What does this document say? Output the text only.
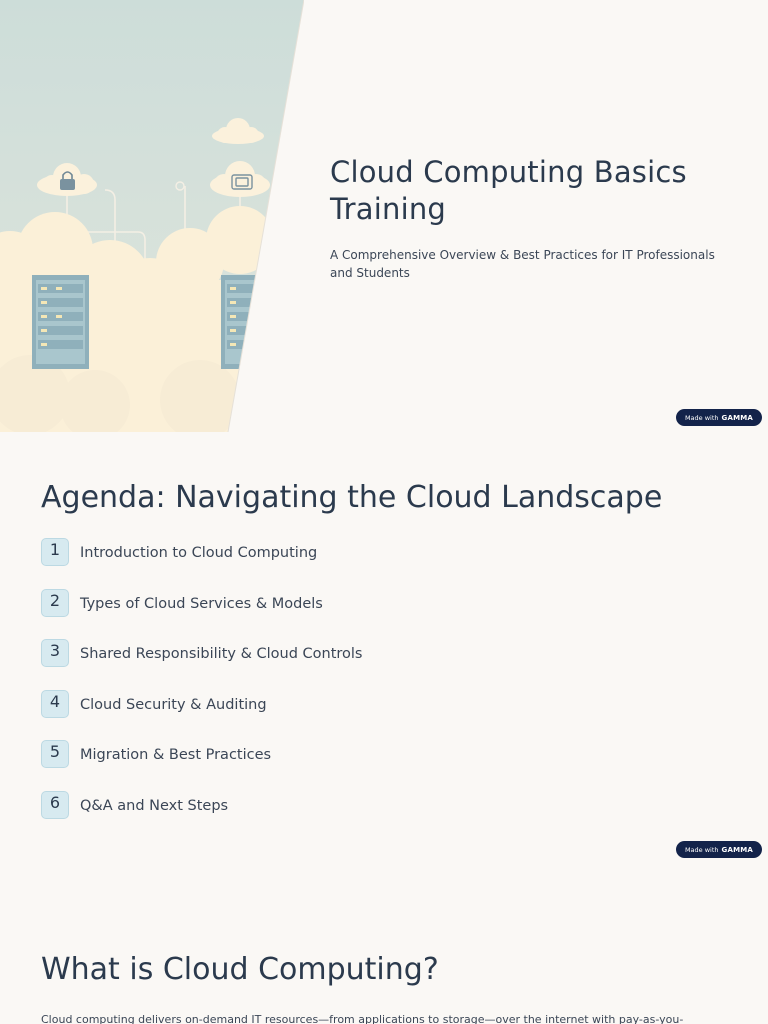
Cloud Computing Basics Training

A Comprehensive Overview & Best Practices for IT Professionals and Students

Made with GAMMA
Agenda: Navigating the Cloud Landscape
1	Introduction to Cloud Computing
2	Types of Cloud Services & Models
3	Shared Responsibility & Cloud Controls
4	Cloud Security & Auditing
5	Migration & Best Practices
6	Q&A and Next Steps
Made with GAMMA
What is Cloud Computing?

Cloud computing delivers on-demand IT resources—from applications to storage—over the internet with pay-as-you-
